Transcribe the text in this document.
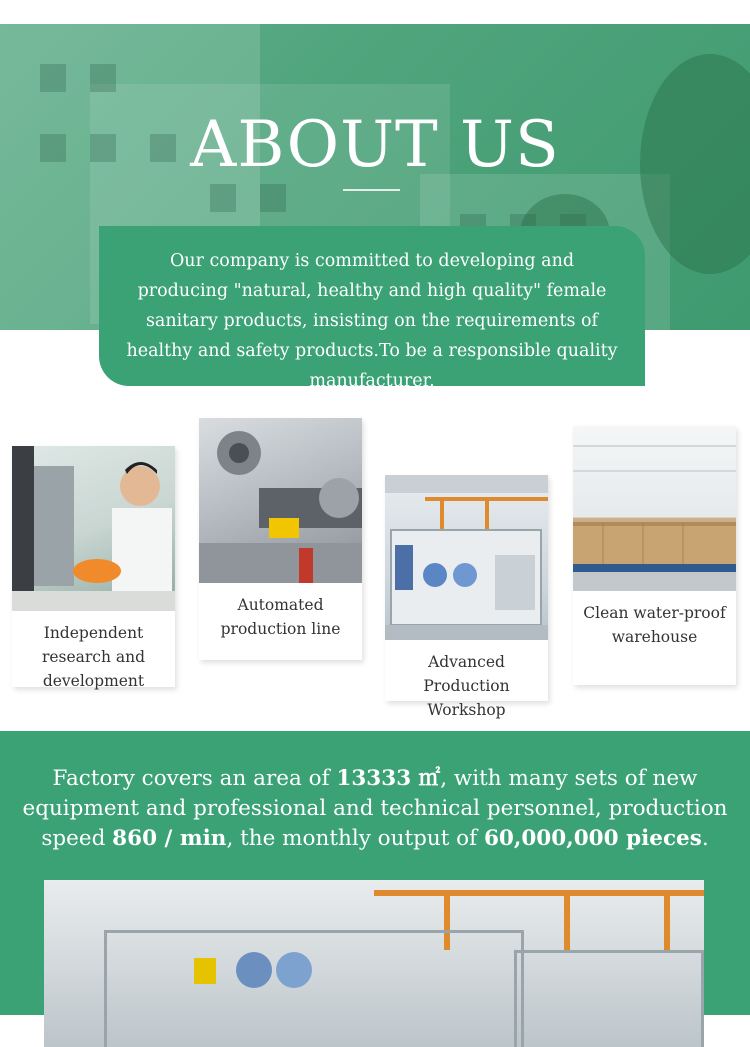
ABOUT US
Our company is committed to developing and producing "natural, healthy and high quality" female sanitary products, insisting on the requirements of healthy and safety products.To be a responsible quality manufacturer.
Independent research and development
Automated production line
Advanced Production Workshop
Clean water-proof warehouse
Factory covers an area of 13333 ㎡, with many sets of new equipment and professional and technical personnel, production speed 860 / min, the monthly output of 60,000,000 pieces.
